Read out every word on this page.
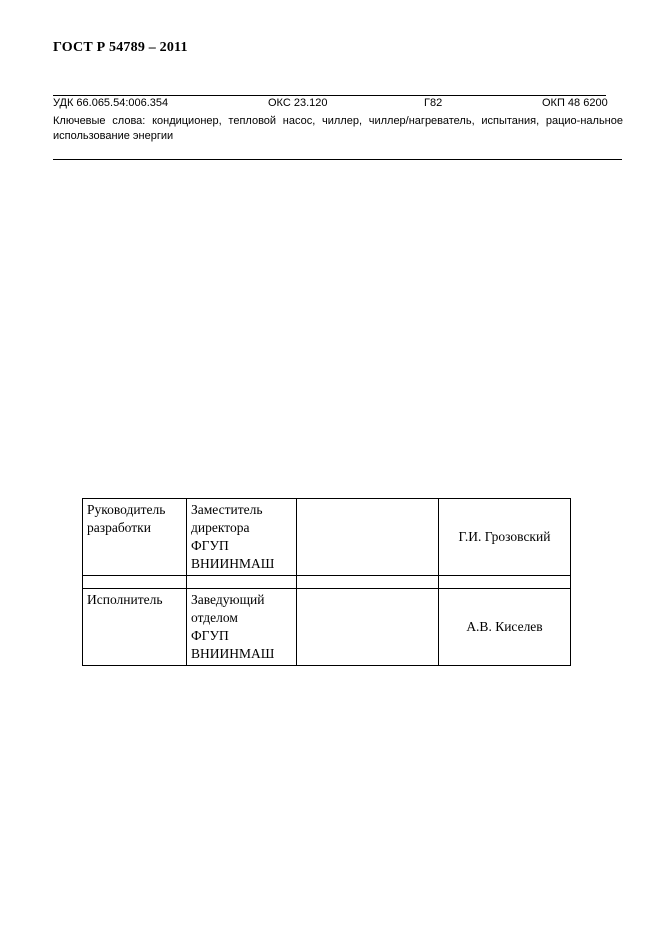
ГОСТ Р 54789 – 2011
УДК 66.065.54:006.354	ОКС 23.120	Г82	ОКП 48 6200
Ключевые слова: кондиционер, тепловой насос, чиллер, чиллер/нагреватель, испытания, рацио-нальное использование энергии
Руководитель
разработки	Заместитель
директора
ФГУП
ВНИИНМАШ		Г.И. Грозовский

Исполнитель	Заведующий
отделом
ФГУП
ВНИИНМАШ		А.В. Киселев
